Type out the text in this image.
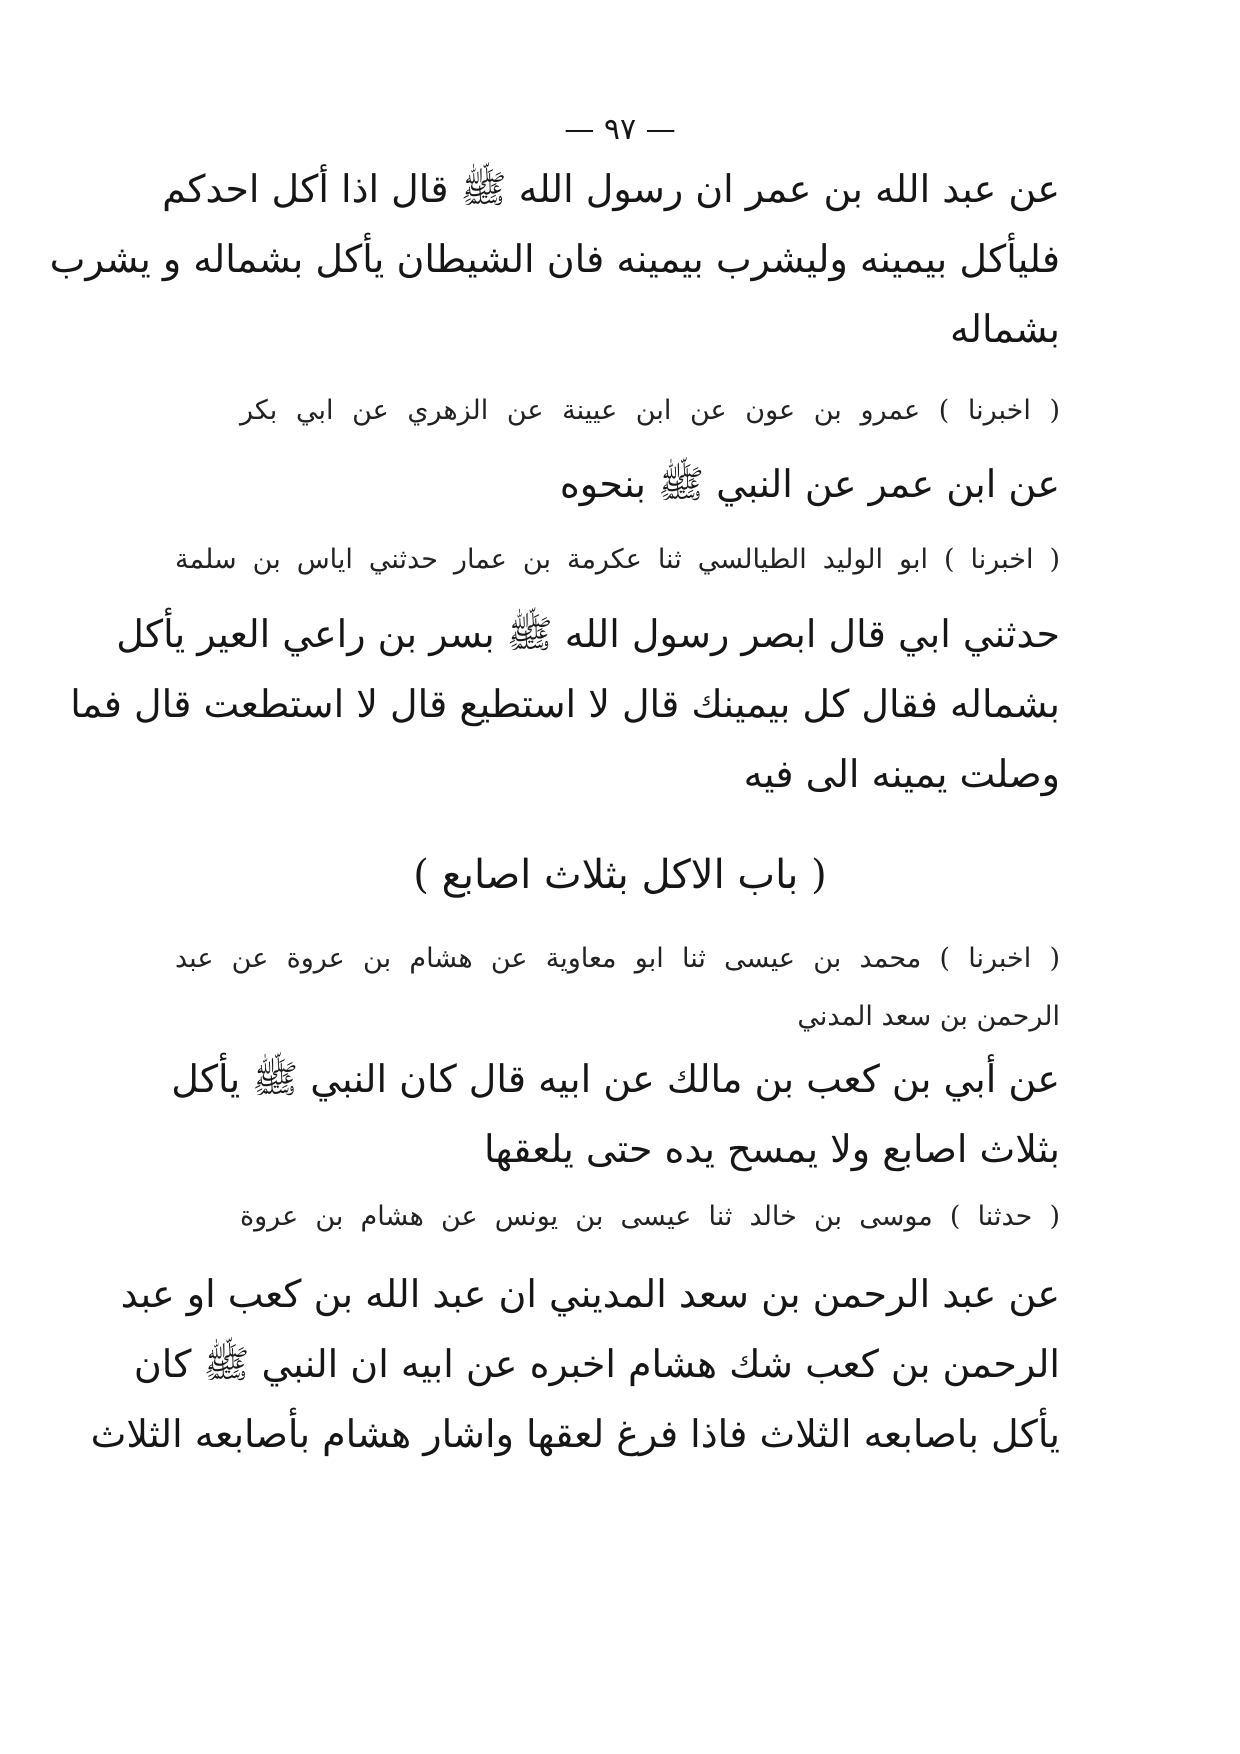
— ٩٧ —
عن عبد الله بن عمر ان رسول الله ﷺ قال اذا أكل احدكم
فليأكل بيمينه وليشرب بيمينه فان الشيطان يأكل بشماله و يشرب
بشماله
( اخبرنا ) عمرو بن عون عن ابن عيينة عن الزهري عن ابي بكر
عن ابن عمر عن النبي ﷺ بنحوه
( اخبرنا ) ابو الوليد الطيالسي ثنا عكرمة بن عمار حدثني اياس بن سلمة
حدثني ابي قال ابصر رسول الله ﷺ بسر بن راعي العير يأكل
بشماله فقال كل بيمينك قال لا استطيع قال لا استطعت قال فما
وصلت يمينه الى فيه
( باب الاكل بثلاث اصابع )
( اخبرنا ) محمد بن عيسى ثنا ابو معاوية عن هشام بن عروة عن عبد
الرحمن بن سعد المدني
عن أبي بن كعب بن مالك عن ابيه قال كان النبي ﷺ يأكل
بثلاث اصابع ولا يمسح يده حتى يلعقها
( حدثنا ) موسى بن خالد ثنا عيسى بن يونس عن هشام بن عروة
عن عبد الرحمن بن سعد المديني ان عبد الله بن كعب او عبد
الرحمن بن كعب شك هشام اخبره عن ابيه ان النبي ﷺ كان
يأكل باصابعه الثلاث فاذا فرغ لعقها واشار هشام بأصابعه الثلاث
